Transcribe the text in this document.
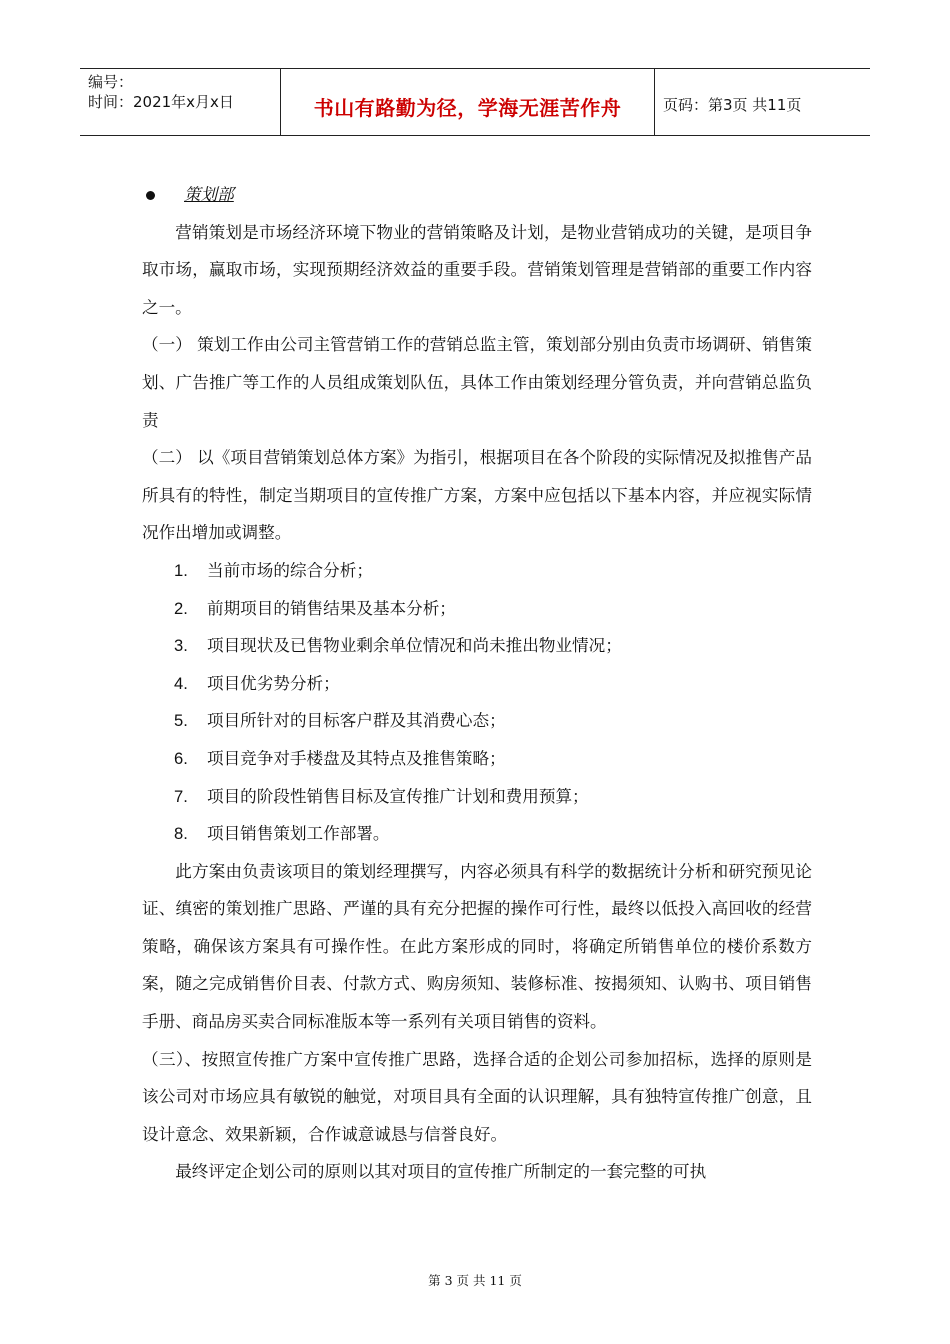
编号：
时间：2021年x月x日	书山有路勤为径，学海无涯苦作舟	页码：第3页 共11页
策划部

营销策划是市场经济环境下物业的营销策略及计划，是物业营销成功的关键，是项目争取市场，赢取市场，实现预期经济效益的重要手段。营销策划管理是营销部的重要工作内容之一。

（一） 策划工作由公司主管营销工作的营销总监主管，策划部分别由负责市场调研、销售策划、广告推广等工作的人员组成策划队伍，具体工作由策划经理分管负责，并向营销总监负责

（二） 以《项目营销策划总体方案》为指引，根据项目在各个阶段的实际情况及拟推售产品所具有的特性，制定当期项目的宣传推广方案，方案中应包括以下基本内容，并应视实际情况作出增加或调整。

1. 当前市场的综合分析；
2. 前期项目的销售结果及基本分析；
3. 项目现状及已售物业剩余单位情况和尚未推出物业情况；
4. 项目优劣势分析；
5. 项目所针对的目标客户群及其消费心态；
6. 项目竞争对手楼盘及其特点及推售策略；
7. 项目的阶段性销售目标及宣传推广计划和费用预算；
8. 项目销售策划工作部署。

此方案由负责该项目的策划经理撰写，内容必须具有科学的数据统计分析和研究预见论证、缜密的策划推广思路、严谨的具有充分把握的操作可行性，最终以低投入高回收的经营策略，确保该方案具有可操作性。在此方案形成的同时，将确定所销售单位的楼价系数方案，随之完成销售价目表、付款方式、购房须知、装修标准、按揭须知、认购书、项目销售手册、商品房买卖合同标准版本等一系列有关项目销售的资料。

（三）、按照宣传推广方案中宣传推广思路，选择合适的企划公司参加招标，选择的原则是该公司对市场应具有敏锐的触觉，对项目具有全面的认识理解，具有独特宣传推广创意，且设计意念、效果新颖，合作诚意诚恳与信誉良好。

最终评定企划公司的原则以其对项目的宣传推广所制定的一套完整的可执

第 3 页 共 11 页
